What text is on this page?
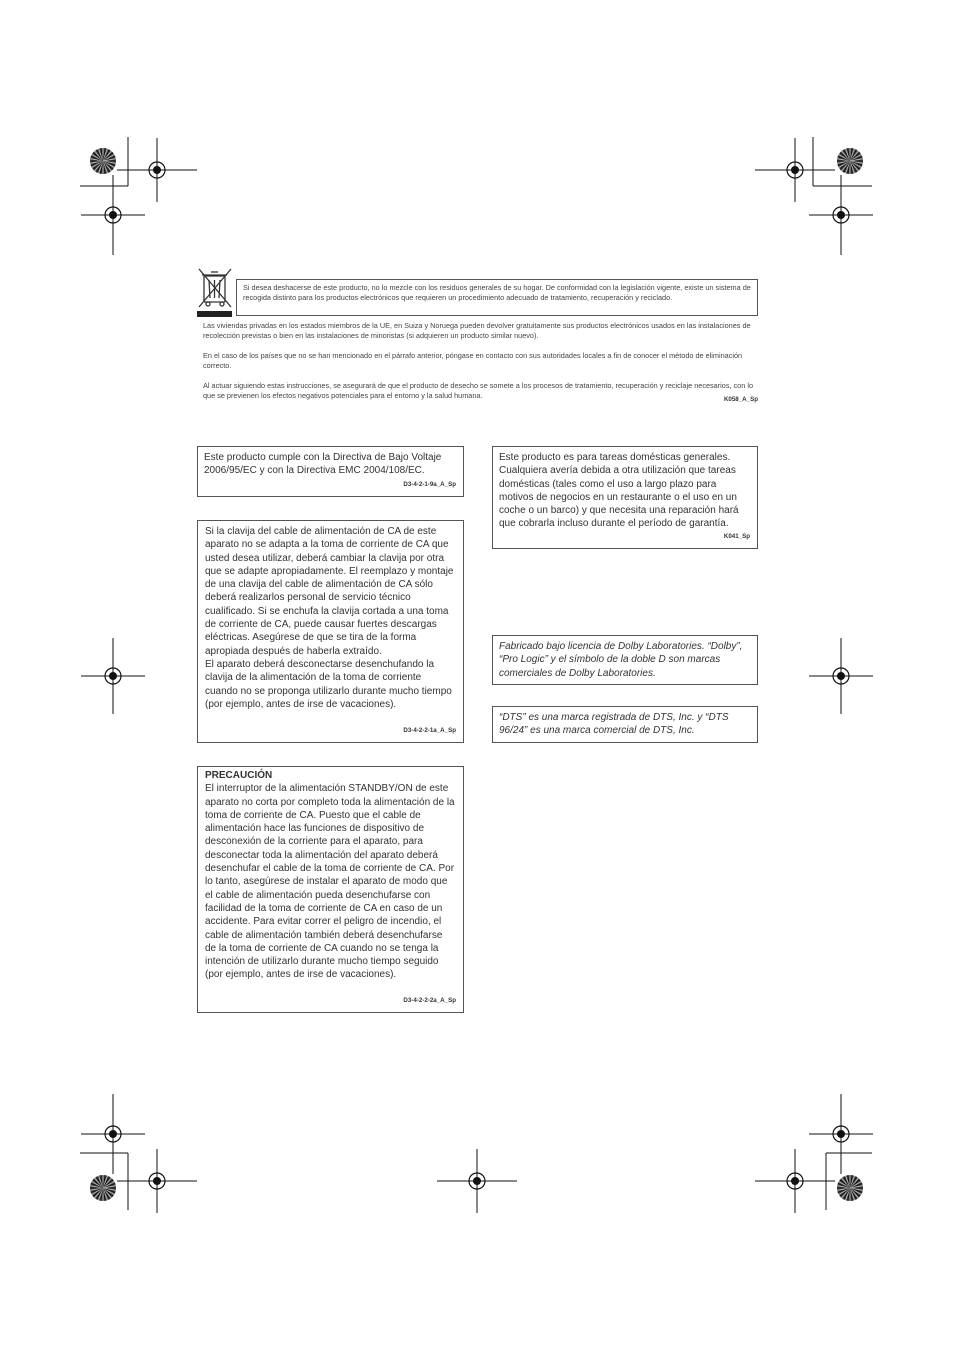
Si desea deshacerse de este producto, no lo mezcle con los residuos generales de su hogar. De conformidad con la legislación vigente, existe un sistema de recogida distinto para los productos electrónicos que requieren un procedimiento adecuado de tratamiento, recuperación y reciclado.
Las viviendas privadas en los estados miembros de la UE, en Suiza y Noruega pueden devolver gratuitamente sus productos electrónicos usados en las instalaciones de recolección previstas o bien en las instalaciones de minoristas (si adquieren un producto similar nuevo).
En el caso de los países que no se han mencionado en el párrafo anterior, póngase en contacto con sus autoridades locales a fin de conocer el método de eliminación correcto.
Al actuar siguiendo estas instrucciones, se asegurará de que el producto de desecho se somete a los procesos de tratamiento, recuperación y reciclaje necesarios, con lo que se previenen los efectos negativos potenciales para el entorno y la salud humana.	K058_A_Sp
Este producto cumple con la Directiva de Bajo Voltaje 2006/95/EC y con la Directiva EMC 2004/108/EC.
D3-4-2-1-9a_A_Sp
Este producto es para tareas domésticas generales. Cualquiera avería debida a otra utilización que tareas domésticas (tales como el uso a largo plazo para motivos de negocios en un restaurante o el uso en un coche o un barco) y que necesita una reparación hará que cobrarla incluso durante el período de garantía.
K041_Sp
Si la clavija del cable de alimentación de CA de este aparato no se adapta a la toma de corriente de CA que usted desea utilizar, deberá cambiar la clavija por otra que se adapte apropiadamente. El reemplazo y montaje de una clavija del cable de alimentación de CA sólo deberá realizarlos personal de servicio técnico cualificado. Si se enchufa la clavija cortada a una toma de corriente de CA, puede causar fuertes descargas eléctricas. Asegúrese de que se tira de la forma apropiada después de haberla extraído.
El aparato deberá desconectarse desenchufando la clavija de la alimentación de la toma de corriente cuando no se proponga utilizarlo durante mucho tiempo (por ejemplo, antes de irse de vacaciones).
D3-4-2-2-1a_A_Sp
Fabricado bajo licencia de Dolby Laboratories. “Dolby”, “Pro Logic” y el símbolo de la doble D son marcas comerciales de Dolby Laboratories.
“DTS” es una marca registrada de DTS, Inc. y “DTS 96/24” es una marca comercial de DTS, Inc.
PRECAUCIÓN
El interruptor de la alimentación STANDBY/ON de este aparato no corta por completo toda la alimentación de la toma de corriente de CA. Puesto que el cable de alimentación hace las funciones de dispositivo de desconexión de la corriente para el aparato, para desconectar toda la alimentación del aparato deberá desenchufar el cable de la toma de corriente de CA. Por lo tanto, asegúrese de instalar el aparato de modo que el cable de alimentación pueda desenchufarse con facilidad de la toma de corriente de CA en caso de un accidente. Para evitar correr el peligro de incendio, el cable de alimentación también deberá desenchufarse de la toma de corriente de CA cuando no se tenga la intención de utilizarlo durante mucho tiempo seguido (por ejemplo, antes de irse de vacaciones).
D3-4-2-2-2a_A_Sp
